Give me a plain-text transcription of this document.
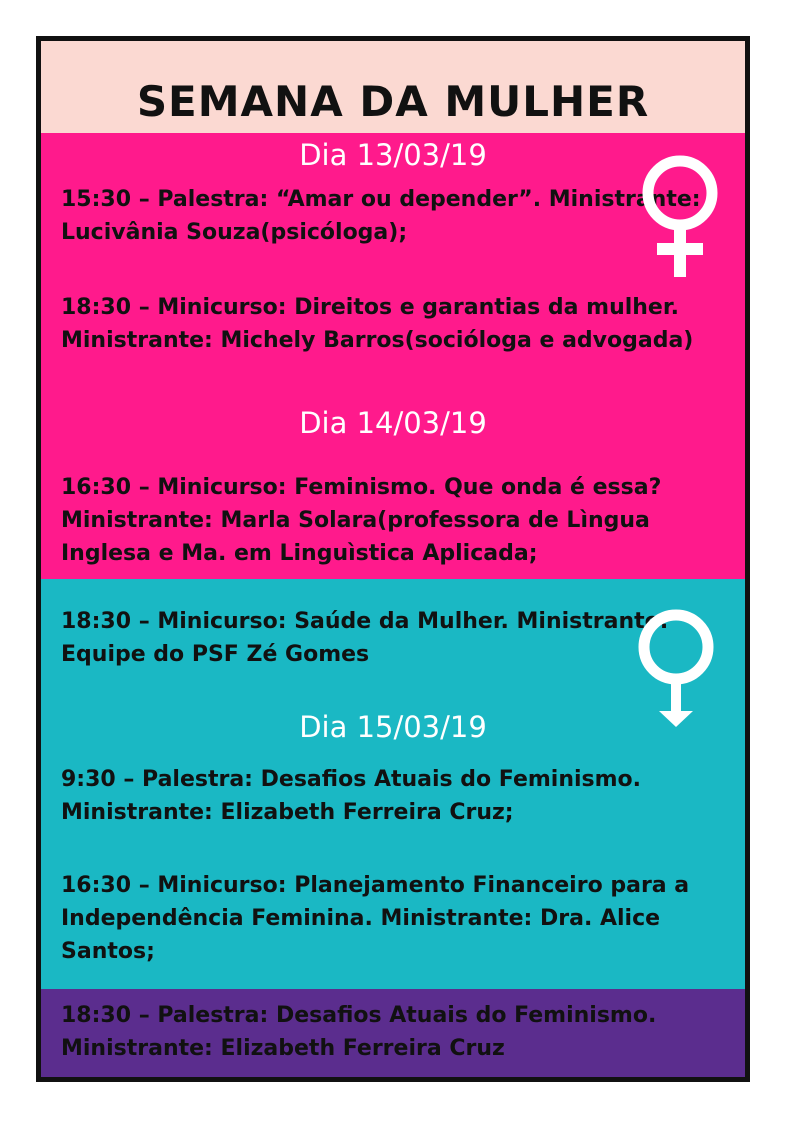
SEMANA DA MULHER
Dia 13/03/19
15:30 – Palestra: “Amar ou depender”. Ministrante: Lucivânia Souza(psicóloga);
18:30 – Minicurso: Direitos e garantias da mulher. Ministrante: Michely Barros(socióloga e advogada)
Dia 14/03/19
16:30 – Minicurso: Feminismo. Que onda é essa? Ministrante: Marla Solara(professora de Lìngua Inglesa e Ma. em Linguìstica Aplicada;
18:30 – Minicurso: Saúde da Mulher. Ministrante: Equipe do PSF Zé Gomes
Dia 15/03/19
9:30 – Palestra: Desafios Atuais do Feminismo. Ministrante: Elizabeth Ferreira Cruz;
16:30 – Minicurso: Planejamento Financeiro para a Independência Feminina. Ministrante: Dra. Alice Santos;
18:30 – Palestra: Desafios Atuais do Feminismo. Ministrante: Elizabeth Ferreira Cruz
